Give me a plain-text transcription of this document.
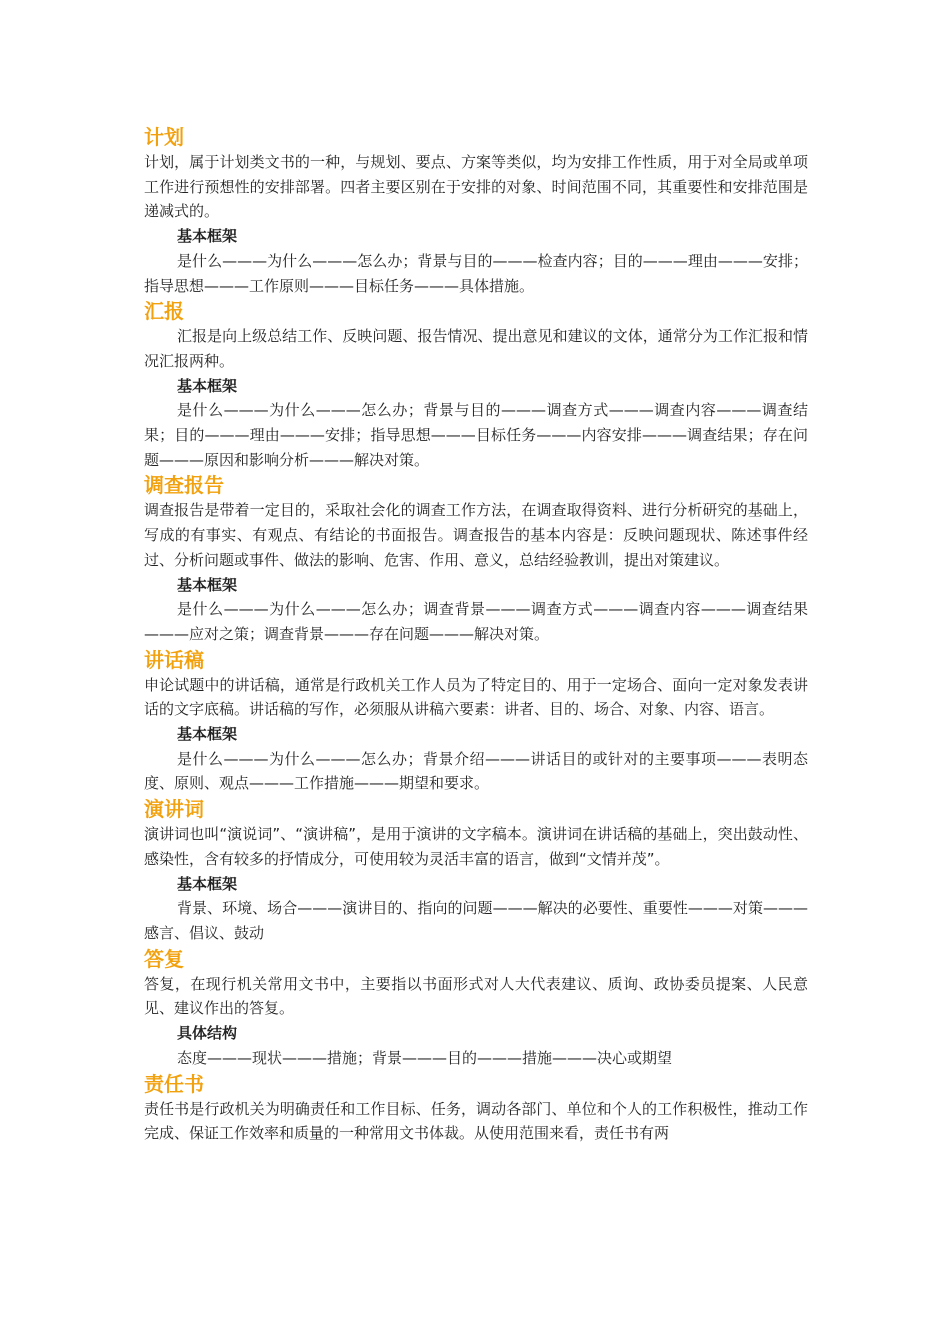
计划

计划，属于计划类文书的一种，与规划、要点、方案等类似，均为安排工作性质，用于对全局或单项工作进行预想性的安排部署。四者主要区别在于安排的对象、时间范围不同，其重要性和安排范围是递减式的。

基本框架

是什么———为什么———怎么办；背景与目的———检查内容；目的———理由———安排；指导思想———工作原则———目标任务———具体措施。

汇报

汇报是向上级总结工作、反映问题、报告情况、提出意见和建议的文体，通常分为工作汇报和情况汇报两种。

基本框架

是什么———为什么———怎么办；背景与目的———调查方式———调查内容———调查结果；目的———理由———安排；指导思想———目标任务———内容安排———调查结果；存在问题———原因和影响分析———解决对策。

调查报告

调查报告是带着一定目的，采取社会化的调查工作方法，在调查取得资料、进行分析研究的基础上，写成的有事实、有观点、有结论的书面报告。调查报告的基本内容是：反映问题现状、陈述事件经过、分析问题或事件、做法的影响、危害、作用、意义，总结经验教训，提出对策建议。

基本框架

是什么———为什么———怎么办；调查背景———调查方式———调查内容———调查结果———应对之策；调查背景———存在问题———解决对策。

讲话稿

申论试题中的讲话稿，通常是行政机关工作人员为了特定目的、用于一定场合、面向一定对象发表讲话的文字底稿。讲话稿的写作，必须服从讲稿六要素：讲者、目的、场合、对象、内容、语言。

基本框架

是什么———为什么———怎么办；背景介绍———讲话目的或针对的主要事项———表明态度、原则、观点———工作措施———期望和要求。

演讲词

演讲词也叫“演说词”、“演讲稿”，是用于演讲的文字稿本。演讲词在讲话稿的基础上，突出鼓动性、感染性，含有较多的抒情成分，可使用较为灵活丰富的语言，做到“文情并茂”。

基本框架

背景、环境、场合———演讲目的、指向的问题———解决的必要性、重要性———对策———感言、倡议、鼓动

答复

答复，在现行机关常用文书中，主要指以书面形式对人大代表建议、质询、政协委员提案、人民意见、建议作出的答复。

具体结构

态度———现状———措施；背景———目的———措施———决心或期望

责任书

责任书是行政机关为明确责任和工作目标、任务，调动各部门、单位和个人的工作积极性，推动工作完成、保证工作效率和质量的一种常用文书体裁。从使用范围来看，责任书有两
